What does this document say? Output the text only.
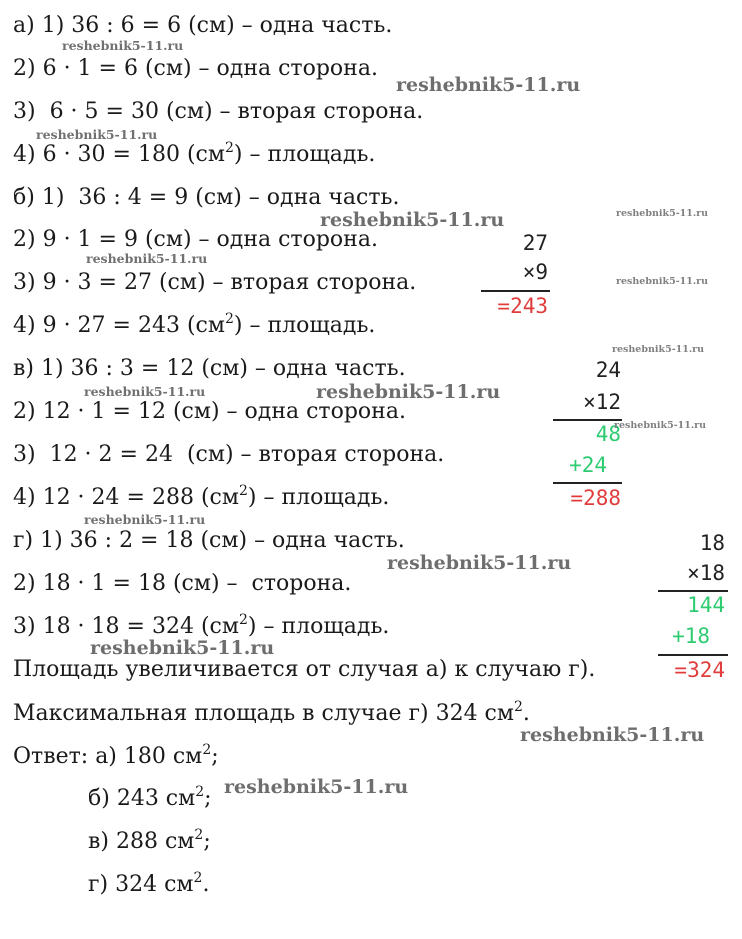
а) 1) 36 : 6 = 6 (см) – одна часть.
2) 6 · 1 = 6 (см) – одна сторона.
3)  6 · 5 = 30 (см) – вторая сторона.
4) 6 · 30 = 180 $(см^2)$ – площадь.
б) 1)  36 : 4 = 9 (см) – одна часть.
2) 9 · 1 = 9 (см) – одна сторона.
3) 9 · 3 = 27 (см) – вторая сторона.
4) 9 · 27 = 243 $(см^2)$ – площадь.
в) 1) 36 : 3 = 12 (см) – одна часть.
2) 12 · 1 = 12 (см) – одна сторона.
3)  12 · 2 = 24  (см) – вторая сторона.
4) 12 · 24 = 288 $(см^2)$ – площадь.
г) 1) 36 : 2 = 18 (см) – одна часть.
2) 18 · 1 = 18 (см) –  сторона.
3) 18 · 18 = 324 $(см^2)$ – площадь.
Площадь увеличивается от случая а) к случаю г).
Максимальная площадь в случае г) 324 $см^2$.
Ответ: а) 180 $см^2$;
б) 243 $см^2$;
в) 288 $см^2$;
г) 324 $см^2$.
27
×9
=243
24
×12
48
+24
=288
18
×18
144
+18
=324
reshebnik5-11.ru
reshebnik5-11.ru
reshebnik5-11.ru
reshebnik5-11.ru	reshebnik5-11.ru
reshebnik5-11.ru
reshebnik5-11.ru
reshebnik5-11.ru
reshebnik5-11.ru	reshebnik5-11.ru
reshebnik5-11.ru
reshebnik5-11.ru
reshebnik5-11.ru
reshebnik5-11.ru
reshebnik5-11.ru
reshebnik5-11.ru
